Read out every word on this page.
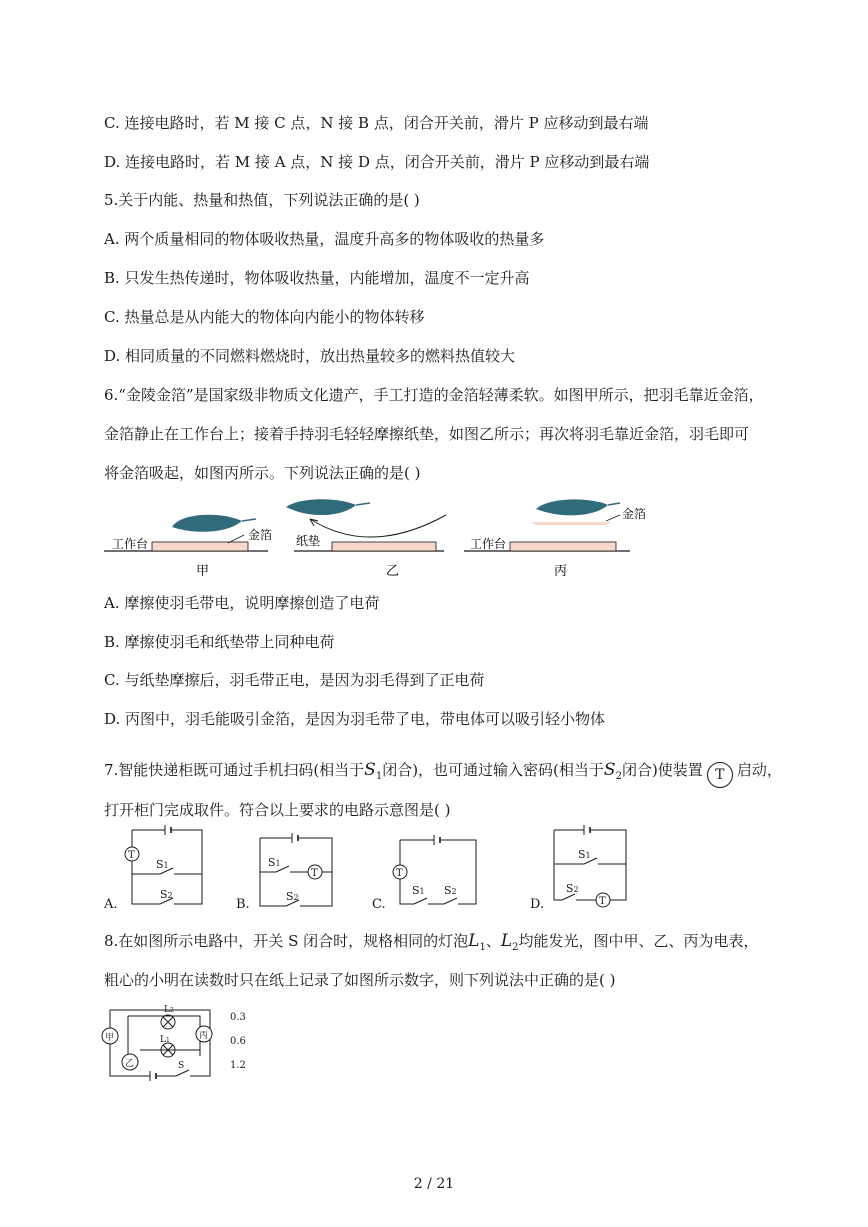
C. 连接电路时，若 M 接 C 点，N 接 B 点，闭合开关前，滑片 P 应移动到最右端
D. 连接电路时，若 M 接 A 点，N 接 D 点，闭合开关前，滑片 P 应移动到最右端
5.关于内能、热量和热值，下列说法正确的是( )
A. 两个质量相同的物体吸收热量，温度升高多的物体吸收的热量多
B. 只发生热传递时，物体吸收热量，内能增加，温度不一定升高
C. 热量总是从内能大的物体向内能小的物体转移
D. 相同质量的不同燃料燃烧时，放出热量较多的燃料热值较大
6.“金陵金箔”是国家级非物质文化遗产，手工打造的金箔轻薄柔软。如图甲所示，把羽毛靠近金箔，
金箔静止在工作台上；接着手持羽毛轻轻摩擦纸垫，如图乙所示；再次将羽毛靠近金箔，羽毛即可
将金箔吸起，如图丙所示。下列说法正确的是( )
工作台
金箔
甲
纸垫
乙
金箔
工作台
丙
A. 摩擦使羽毛带电，说明摩擦创造了电荷
B. 摩擦使羽毛和纸垫带上同种电荷
C. 与纸垫摩擦后，羽毛带正电，是因为羽毛得到了正电荷
D. 丙图中，羽毛能吸引金箔，是因为羽毛带了电，带电体可以吸引轻小物体
7.智能快递柜既可通过手机扫码(相当于$S_1$闭合)，也可通过输入密码(相当于$S_2$闭合)使装置 T 启动，
打开柜门完成取件。符合以上要求的电路示意图是( )
T
S1
S2
A.
T
S1
S2
B.
T
S1 S2
C.	T
S1
S2
D.
8.在如图所示电路中，开关 S 闭合时，规格相同的灯泡$L_1$、$L_2$均能发光，图中甲、乙、丙为电表，
粗心的小明在读数时只在纸上记录了如图所示数字，则下列说法中正确的是( )
甲	丙
乙
L2
L1
S
0.3
0.6
1.2
2 / 21
